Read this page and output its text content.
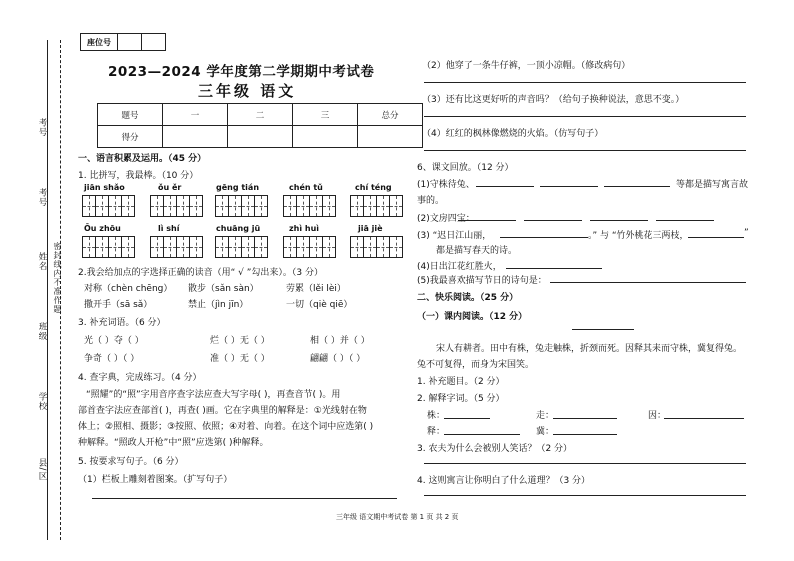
考号
考号
姓名
班级
学校
县/区
密封线内不准作题
座位号
2023—2024 学年度第二学期期中考试卷
三年级 语文
题号	一	二	三	总分
得分				
一、语言积累及运用。（45 分）
1. 比拼写，我最棒。（10 分）
jiān shǎo	ǒu ěr	gēng tián	chén tǔ	chí téng
Ōu zhōu	lì shí	chuāng jū	zhì huì	jiā jiè
2.我会给加点的字选择正确的读音（用“ √ ”勾出来）。（3 分）
对称（chèn chēng） 散步（sǎn sàn）	劳累（lěi lèi）
撒开手（sā sǎ）	禁止（jìn jīn）	一切（qiè qiē）
3. 补充词语。（6 分）
光（ ）夺（ ）	烂（ ）无（ ）	相（ ）并（ ）
争奇（ ）（ ）	准（ ）无（ ）	翩翩（ ）（ ）
4. 查字典，完成练习。（4 分）
“照耀”的“照”字用音序查字法应查大写字母( )，再查音节( )。用
部首查字法应查部首( )，再查( )画。它在字典里的解释是：①光线射在物
体上；②照相、摄影；③按照、依照；④对着、向着。在这个词中应选第( )
种解释。“照政人开枪”中“照”应选第( )种解释。
5. 按要求写句子。（6 分）
（1）栏板上雕刻着图案。（扩写句子）
（2）他穿了一条牛仔裤，一顶小凉帽。（修改病句）
（3）还有比这更好听的声音吗？（给句子换种说法，意思不变。）
（4）红红的枫林像燃烧的火焰。（仿写句子）
6、课文回放。（12 分）
(1)守株待兔、	等都是描写寓言故
事的。
(2)文房四宝：
(3) “迟日江山丽，	。” 与 “竹外桃花三两枝，	”
都是描写春天的诗。
(4)日出江花红胜火，
(5)我最喜欢描写节日的诗句是：
二、快乐阅读。（25 分）
（一）课内阅读。（12 分）
宋人有耕者。田中有株，兔走触株，折颈而死。因释其耒而守株，冀复得兔。
兔不可复得，而身为宋国笑。
1. 补充题目。（2 分）
2. 解释字词。（5 分）
株：	走：	因：
释：	冀：
3. 农夫为什么会被别人笑话？（2 分）
4. 这则寓言让你明白了什么道理？（3 分）
三年级 语文期中考试卷 第 1 页 共 2 页
